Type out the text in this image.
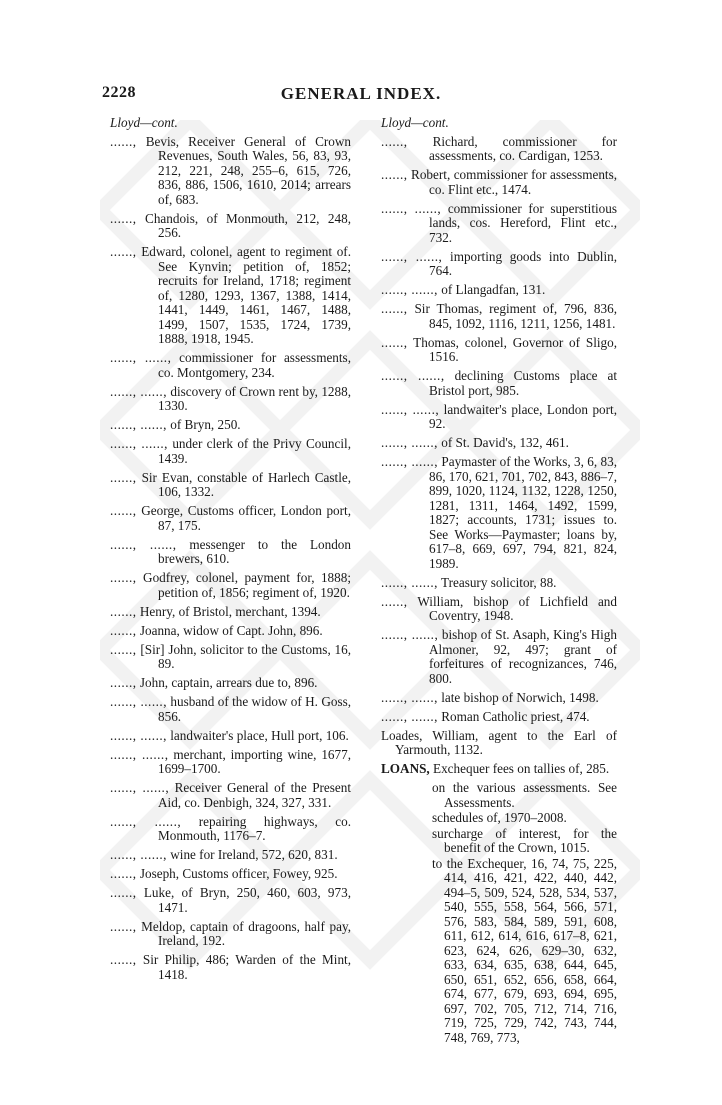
2228	GENERAL INDEX.
Lloyd—cont.
......, Bevis, Receiver General of Crown Revenues, South Wales, 56, 83, 93, 212, 221, 248, 255–6, 615, 726, 836, 886, 1506, 1610, 2014; arrears of, 683.
......, Chandois, of Monmouth, 212, 248, 256.
......, Edward, colonel, agent to regiment of. See Kynvin; petition of, 1852; recruits for Ireland, 1718; regiment of, 1280, 1293, 1367, 1388, 1414, 1441, 1449, 1461, 1467, 1488, 1499, 1507, 1535, 1724, 1739, 1888, 1918, 1945.
......, ......, commissioner for assessments, co. Montgomery, 234.
......, ......, discovery of Crown rent by, 1288, 1330.
......, ......, of Bryn, 250.
......, ......, under clerk of the Privy Council, 1439.
......, Sir Evan, constable of Harlech Castle, 106, 1332.
......, George, Customs officer, London port, 87, 175.
......, ......, messenger to the London brewers, 610.
......, Godfrey, colonel, payment for, 1888; petition of, 1856; regiment of, 1920.
......, Henry, of Bristol, merchant, 1394.
......, Joanna, widow of Capt. John, 896.
......, [Sir] John, solicitor to the Customs, 16, 89.
......, John, captain, arrears due to, 896.
......, ......, husband of the widow of H. Goss, 856.
......, ......, landwaiter's place, Hull port, 106.
......, ......, merchant, importing wine, 1677, 1699–1700.
......, ......, Receiver General of the Present Aid, co. Denbigh, 324, 327, 331.
......, ......, repairing highways, co. Monmouth, 1176–7.
......, ......, wine for Ireland, 572, 620, 831.
......, Joseph, Customs officer, Fowey, 925.
......, Luke, of Bryn, 250, 460, 603, 973, 1471.
......, Meldop, captain of dragoons, half pay, Ireland, 192.
......, Sir Philip, 486; Warden of the Mint, 1418.
Lloyd—cont.
......, Richard, commissioner for assessments, co. Cardigan, 1253.
......, Robert, commissioner for assessments, co. Flint etc., 1474.
......, ......, commissioner for superstitious lands, cos. Hereford, Flint etc., 732.
......, ......, importing goods into Dublin, 764.
......, ......, of Llangadfan, 131.
......, Sir Thomas, regiment of, 796, 836, 845, 1092, 1116, 1211, 1256, 1481.
......, Thomas, colonel, Governor of Sligo, 1516.
......, ......, declining Customs place at Bristol port, 985.
......, ......, landwaiter's place, London port, 92.
......, ......, of St. David's, 132, 461.
......, ......, Paymaster of the Works, 3, 6, 83, 86, 170, 621, 701, 702, 843, 886–7, 899, 1020, 1124, 1132, 1228, 1250, 1281, 1311, 1464, 1492, 1599, 1827; accounts, 1731; issues to. See Works—Paymaster; loans by, 617–8, 669, 697, 794, 821, 824, 1989.
......, ......, Treasury solicitor, 88.
......, William, bishop of Lichfield and Coventry, 1948.
......, ......, bishop of St. Asaph, King's High Almoner, 92, 497; grant of forfeitures of recognizances, 746, 800.
......, ......, late bishop of Norwich, 1498.
......, ......, Roman Catholic priest, 474.
Loades, William, agent to the Earl of Yarmouth, 1132.
LOANS, Exchequer fees on tallies of, 285.
on the various assessments. See Assessments.
schedules of, 1970–2008.
surcharge of interest, for the benefit of the Crown, 1015.
to the Exchequer, 16, 74, 75, 225, 414, 416, 421, 422, 440, 442, 494–5, 509, 524, 528, 534, 537, 540, 555, 558, 564, 566, 571, 576, 583, 584, 589, 591, 608, 611, 612, 614, 616, 617–8, 621, 623, 624, 626, 629–30, 632, 633, 634, 635, 638, 644, 645, 650, 651, 652, 656, 658, 664, 674, 677, 679, 693, 694, 695, 697, 702, 705, 712, 714, 716, 719, 725, 729, 742, 743, 744, 748, 769, 773,
